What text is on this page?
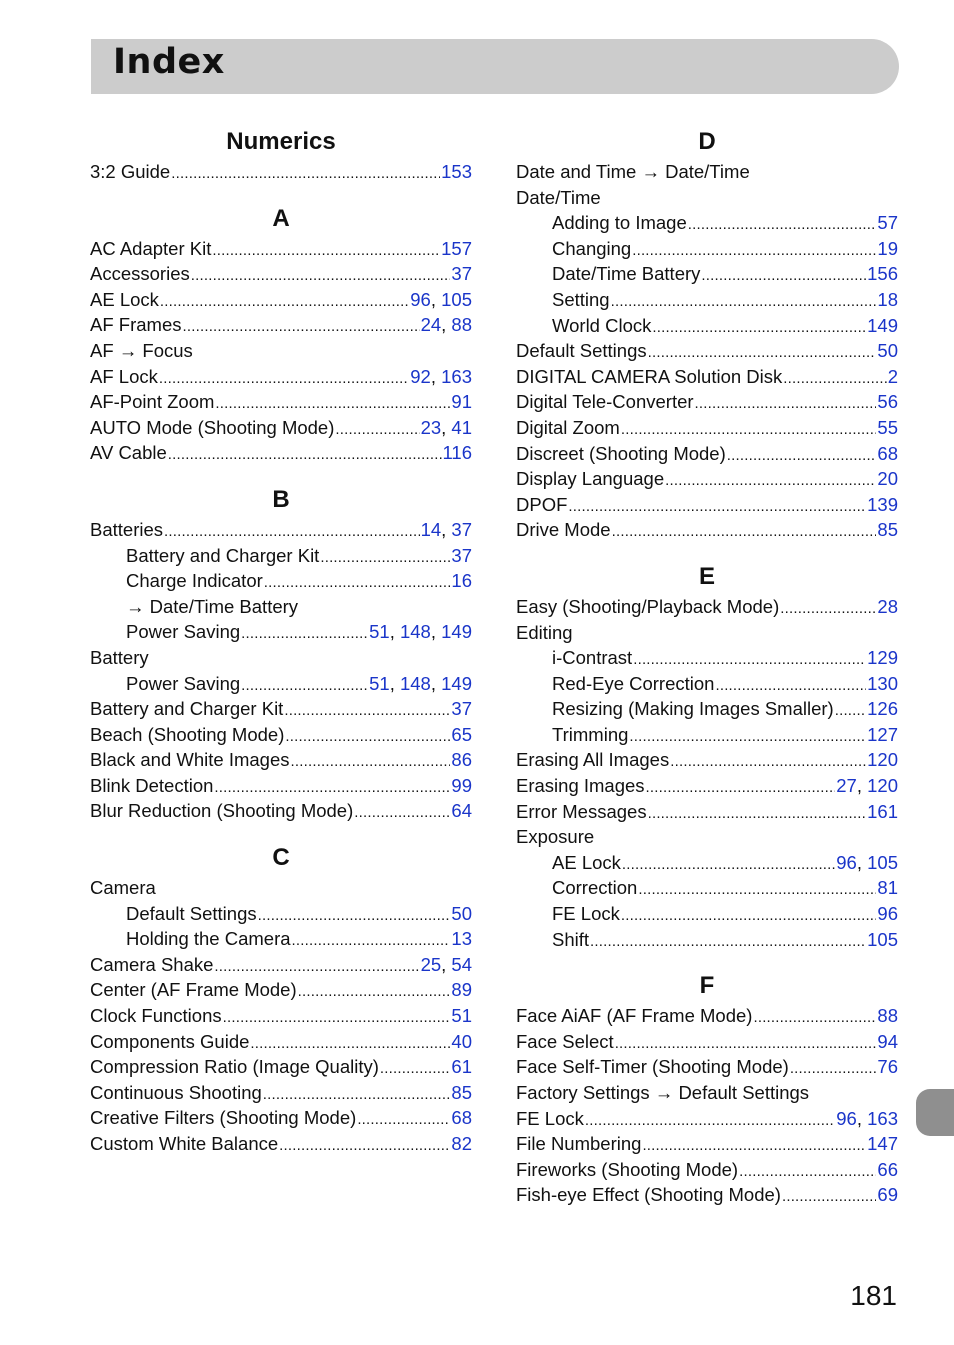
Index
Numerics
3:2 Guide .....	153
A
AC Adapter Kit .....	157
Accessories .....	37
AE Lock .....	96, 105
AF Frames .....	24, 88
AF → Focus
AF Lock .....	92, 163
AF-Point Zoom .....	91
AUTO Mode (Shooting Mode) .....	23, 41
AV Cable .....	116
B
Batteries .....	14, 37
Battery and Charger Kit .....	37
Charge Indicator .....	16
→ Date/Time Battery
Power Saving .....	51, 148, 149
Battery
Power Saving .....	51, 148, 149
Battery and Charger Kit .....	37
Beach (Shooting Mode) .....	65
Black and White Images .....	86
Blink Detection .....	99
Blur Reduction (Shooting Mode) .....	64
C
Camera
Default Settings .....	50
Holding the Camera .....	13
Camera Shake .....	25, 54
Center (AF Frame Mode) .....	89
Clock Functions .....	51
Components Guide .....	40
Compression Ratio (Image Quality) .....	61
Continuous Shooting .....	85
Creative Filters (Shooting Mode) .....	68
Custom White Balance .....	82
D
Date and Time → Date/Time
Date/Time
Adding to Image .....	57
Changing .....	19
Date/Time Battery .....	156
Setting .....	18
World Clock .....	149
Default Settings .....	50
DIGITAL CAMERA Solution Disk .....	2
Digital Tele-Converter .....	56
Digital Zoom .....	55
Discreet (Shooting Mode) .....	68
Display Language .....	20
DPOF .....	139
Drive Mode .....	85
E
Easy (Shooting/Playback Mode) .....	28
Editing
i-Contrast .....	129
Red-Eye Correction .....	130
Resizing (Making Images Smaller) ..... 126
Trimming .....	127
Erasing All Images .....	120
Erasing Images .....	27, 120
Error Messages .....	161
Exposure
AE Lock .....	96, 105
Correction .....	81
FE Lock .....	96
Shift .....	105
F
Face AiAF (AF Frame Mode) .....	88
Face Select .....	94
Face Self-Timer (Shooting Mode) .....	76
Factory Settings → Default Settings
FE Lock .....	96, 163
File Numbering .....	147
Fireworks (Shooting Mode) .....	66
Fish-eye Effect (Shooting Mode) .....	69
181
